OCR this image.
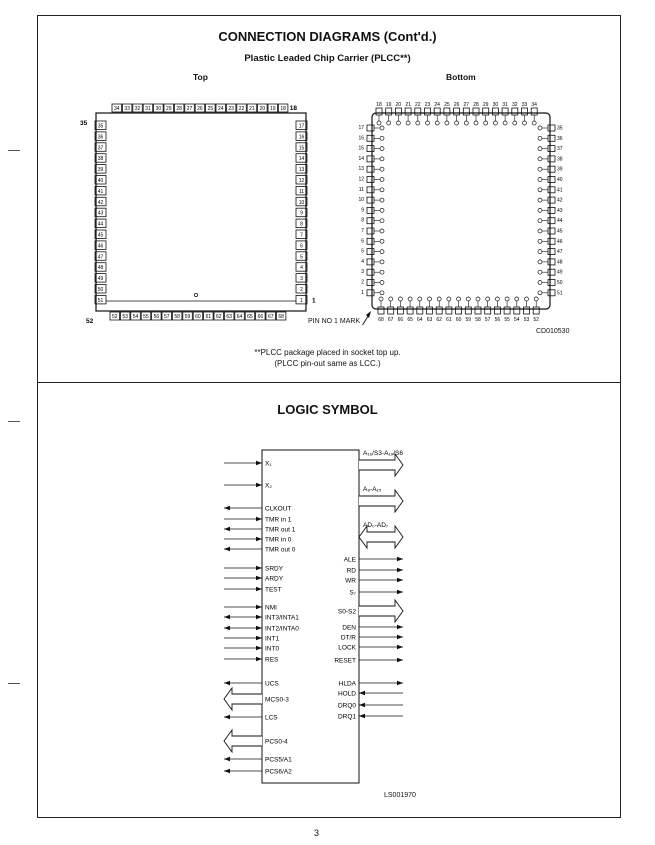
CONNECTION DIAGRAMS (Cont'd.)
Plastic Leaded Chip Carrier (PLCC**)
Top	Bottom
34 33 32 31 30 29 28 27 26 25 24 23 22 21 20 19 18 18
35 35
36
37
38
39
40
41
42
43
44
45
46
47
48
49
50
51
17
16
15
14
13
12
11
10
9
8
7
6
5
4
3
2
1 1
52 53 54 55 56 57 58 59 60 61 62 63 64 65 66 67 68
52
18 19 20 21 22 23 24 25 26 27 28 29 30 31 32 33 34
17
16
15
14
13
12
11
10
9
8
7
6
5
4
3
2
1
35
36
37
38
39
40
41
42
43
44
45
46
47
48
49
50
51
68 67 66 65 64 63 62 61 60 59 58 57 56 55 54 53 52
PIN NO 1 MARK
CD010530
**PLCC package placed in socket top up.
(PLCC pin-out same as LCC.)
LOGIC SYMBOL
X₁
X₂
CLKOUT
TMR in 1
TMR out 1
TMR in 0
TMR out 0
SRDY
ARDY
TEST
NMI
INT3/INTA1
INT2/INTA0
INT1
INT0
RES
UCS
MCS0-3
LCS
PCS0-4
PCS5/A1
PCS6/A2
A₁₆/S3-A₁₉/S6
A₈-A₁₅
AD₀-AD₇
ALE
RD
WR
S₇
S0-S2
DEN
DT/R
LOCK
RESET
HLDA
HOLD
DRQ0
DRQ1
LS001970
3
